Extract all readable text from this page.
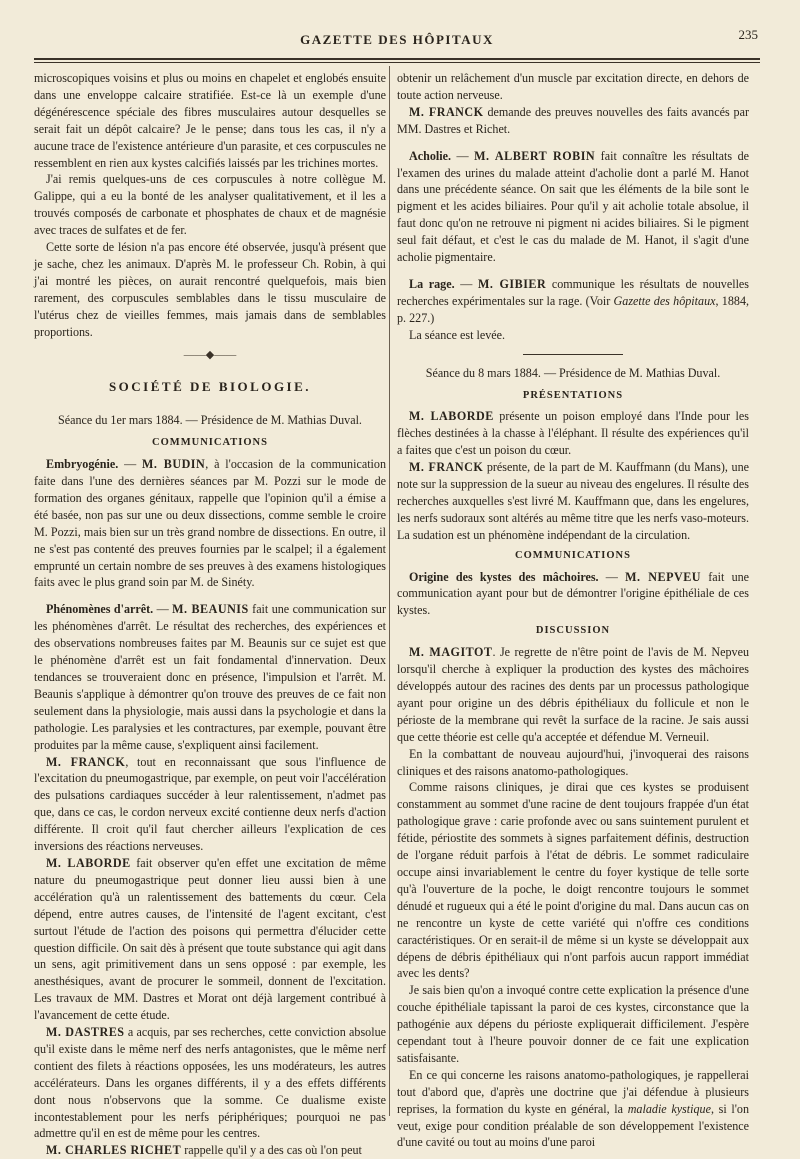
GAZETTE DES HÔPITAUX	235

microscopiques voisins et plus ou moins en chapelet et englobés ensuite dans une enveloppe calcaire stratifiée. Est-ce là un exemple d'une dégénérescence spéciale des fibres musculaires autour desquelles se serait fait un dépôt calcaire? Je le pense; dans tous les cas, il n'y a aucune trace de l'existence antérieure d'un parasite, et ces corpuscules ne ressemblent en rien aux kystes calcifiés laissés par les trichines mortes.

J'ai remis quelques-uns de ces corpuscules à notre collègue M. Galippe, qui a eu la bonté de les analyser qualitativement, et il les a trouvés composés de carbonate et phosphates de chaux et de magnésie avec traces de sulfates et de fer.

Cette sorte de lésion n'a pas encore été observée, jusqu'à présent que je sache, chez les animaux. D'après M. le professeur Ch. Robin, à qui j'ai montré les pièces, on aurait rencontré quelquefois, mais bien rarement, des corpuscules semblables dans le tissu musculaire de l'utérus chez de vieilles femmes, mais jamais dans de semblables proportions.

——◆——
SOCIÉTÉ DE BIOLOGIE.
Séance du 1er mars 1884. — Présidence de M. Mathias Duval.
COMMUNICATIONS

Embryogénie. — M. BUDIN, à l'occasion de la communication faite dans l'une des dernières séances par M. Pozzi sur le mode de formation des organes génitaux, rappelle que l'opinion qu'il a émise a été basée, non pas sur une ou deux dissections, comme semble le croire M. Pozzi, mais bien sur un très grand nombre de dissections. En outre, il ne s'est pas contenté des preuves fournies par le scalpel; il a également emprunté un certain nombre de ses preuves à des examens histologiques faits avec le plus grand soin par M. de Sinéty.

Phénomènes d'arrêt. — M. BEAUNIS fait une communication sur les phénomènes d'arrêt. Le résultat des recherches, des expériences et des observations nombreuses faites par M. Beaunis sur ce sujet est que le phénomène d'arrêt est un fait fondamental d'innervation. Deux tendances se trouveraient donc en présence, l'impulsion et l'arrêt. M. Beaunis s'applique à démontrer qu'on trouve des preuves de ce fait non seulement dans la physiologie, mais aussi dans la psychologie et dans la pathologie. Les paralysies et les contractures, par exemple, pouvant être produites par la même cause, s'expliquent ainsi facilement.

M. FRANCK, tout en reconnaissant que sous l'influence de l'excitation du pneumogastrique, par exemple, on peut voir l'accélération des pulsations cardiaques succéder à leur ralentissement, n'admet pas que, dans ce cas, le cordon nerveux excité contienne deux nerfs d'action différente. Il croit qu'il faut chercher ailleurs l'explication de ces inversions des réactions nerveuses.

M. LABORDE fait observer qu'en effet une excitation de même nature du pneumogastrique peut donner lieu aussi bien à une accélération qu'à un ralentissement des battements du cœur. Cela dépend, entre autres causes, de l'intensité de l'agent excitant, c'est surtout l'étude de l'action des poisons qui permettra d'élucider cette question difficile. On sait dès à présent que toute substance qui agit dans un sens, agit primitivement dans un sens opposé : par exemple, les anesthésiques, avant de procurer le sommeil, donnent de l'excitation. Les travaux de MM. Dastres et Morat ont déjà largement contribué à l'avancement de cette étude.

M. DASTRES a acquis, par ses recherches, cette conviction absolue qu'il existe dans le même nerf des nerfs antagonistes, que le même nerf contient des filets à réactions opposées, les uns modérateurs, les autres accélérateurs. Dans les organes différents, il y a des effets différents dont nous n'observons que la somme. Ce dualisme existe incontestablement pour les nerfs périphériques; pourquoi ne pas admettre qu'il en est de même pour les centres.

M. CHARLES RICHET rappelle qu'il y a des cas où l'on peut

obtenir un relâchement d'un muscle par excitation directe, en dehors de toute action nerveuse.

M. FRANCK demande des preuves nouvelles des faits avancés par MM. Dastres et Richet.

Acholie. — M. ALBERT ROBIN fait connaître les résultats de l'examen des urines du malade atteint d'acholie dont a parlé M. Hanot dans une précédente séance. On sait que les éléments de la bile sont le pigment et les acides biliaires. Pour qu'il y ait acholie totale absolue, il faut donc qu'on ne retrouve ni pigment ni acides biliaires. Si le pigment seul fait défaut, et c'est le cas du malade de M. Hanot, il s'agit d'une acholie pigmentaire.

La rage. — M. GIBIER communique les résultats de nouvelles recherches expérimentales sur la rage. (Voir Gazette des hôpitaux, 1884, p. 227.)

La séance est levée.

Séance du 8 mars 1884. — Présidence de M. Mathias Duval.
PRÉSENTATIONS

M. LABORDE présente un poison employé dans l'Inde pour les flèches destinées à la chasse à l'éléphant. Il résulte des expériences qu'il a faites que c'est un poison du cœur.

M. FRANCK présente, de la part de M. Kauffmann (du Mans), une note sur la suppression de la sueur au niveau des engelures. Il résulte des recherches auxquelles s'est livré M. Kauffmann que, dans les engelures, les nerfs sudoraux sont altérés au même titre que les nerfs vaso-moteurs. La sudation est un phénomène indépendant de la circulation.

COMMUNICATIONS

Origine des kystes des mâchoires. — M. NEPVEU fait une communication ayant pour but de démontrer l'origine épithéliale de ces kystes.

DISCUSSION

M. MAGITOT. Je regrette de n'être point de l'avis de M. Nepveu lorsqu'il cherche à expliquer la production des kystes des mâchoires développés autour des racines des dents par un processus pathologique ayant pour origine un des débris épithéliaux du follicule et non le périoste de la membrane qui revêt la surface de la racine. Je sais aussi que cette théorie est celle qu'a acceptée et défendue M. Verneuil.

En la combattant de nouveau aujourd'hui, j'invoquerai des raisons cliniques et des raisons anatomo-pathologiques.

Comme raisons cliniques, je dirai que ces kystes se produisent constamment au sommet d'une racine de dent toujours frappée d'un état pathologique grave : carie profonde avec ou sans suintement purulent et fétide, périostite des sommets à signes parfaitement définis, destruction de l'organe réduit parfois à l'état de débris. Le sommet radiculaire occupe ainsi invariablement le centre du foyer kystique de telle sorte qu'à l'ouverture de la poche, le doigt rencontre toujours le sommet dénudé et rugueux qui a été le point d'origine du mal. Dans aucun cas on ne rencontre un kyste de cette variété qui n'offre ces conditions caractéristiques. Or en serait-il de même si un kyste se développait aux dépens de débris épithéliaux qui n'ont parfois aucun rapport immédiat avec les dents?

Je sais bien qu'on a invoqué contre cette explication la présence d'une couche épithéliale tapissant la paroi de ces kystes, circonstance que la pathogénie aux dépens du périoste expliquerait difficilement. J'espère cependant tout à l'heure pouvoir donner de ce fait une explication satisfaisante.

En ce qui concerne les raisons anatomo-pathologiques, je rappellerai tout d'abord que, d'après une doctrine que j'ai défendue à plusieurs reprises, la formation du kyste en général, la maladie kystique, si l'on veut, exige pour condition préalable de son développement l'existence d'une cavité ou tout au moins d'une paroi
